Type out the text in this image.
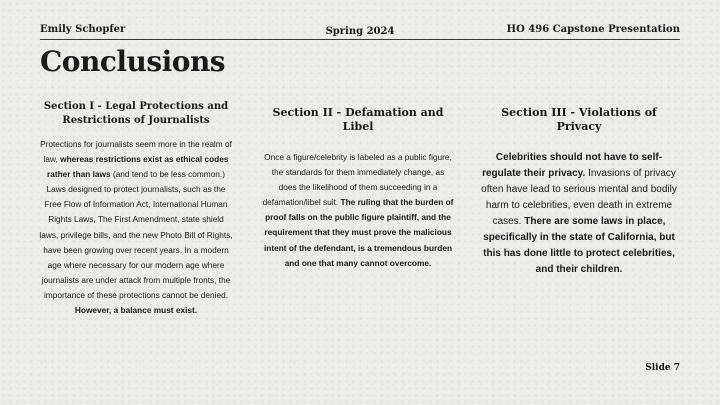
Emily Schopfer	Spring 2024	HO 496 Capstone Presentation
Conclusions
Section I - Legal Protections and Restrictions of Journalists

Protections for journalists seem more in the realm of law, whereas restrictions exist as ethical codes rather than laws (and tend to be less common.) Laws designed to protect journalists, such as the Free Flow of Information Act, International Human Rights Laws, The First Amendment, state shield laws, privilege bills, and the new Photo Bill of Rights, have been growing over recent years. In a modern age where necessary for our modern age where journalists are under attack from multiple fronts, the importance of these protections cannot be denied. However, a balance must exist.

Section II - Defamation and Libel

Once a figure/celebrity is labeled as a public figure, the standards for them immediately change, as does the likelihood of them succeeding in a defamation/libel suit. The ruling that the burden of proof falls on the public figure plaintiff, and the requirement that they must prove the malicious intent of the defendant, is a tremendous burden and one that many cannot overcome.

Section III - Violations of Privacy

Celebrities should not have to self-regulate their privacy. Invasions of privacy often have lead to serious mental and bodily harm to celebrities, even death in extreme cases. There are some laws in place, specifically in the state of California, but this has done little to protect celebrities, and their children.

Slide 7
